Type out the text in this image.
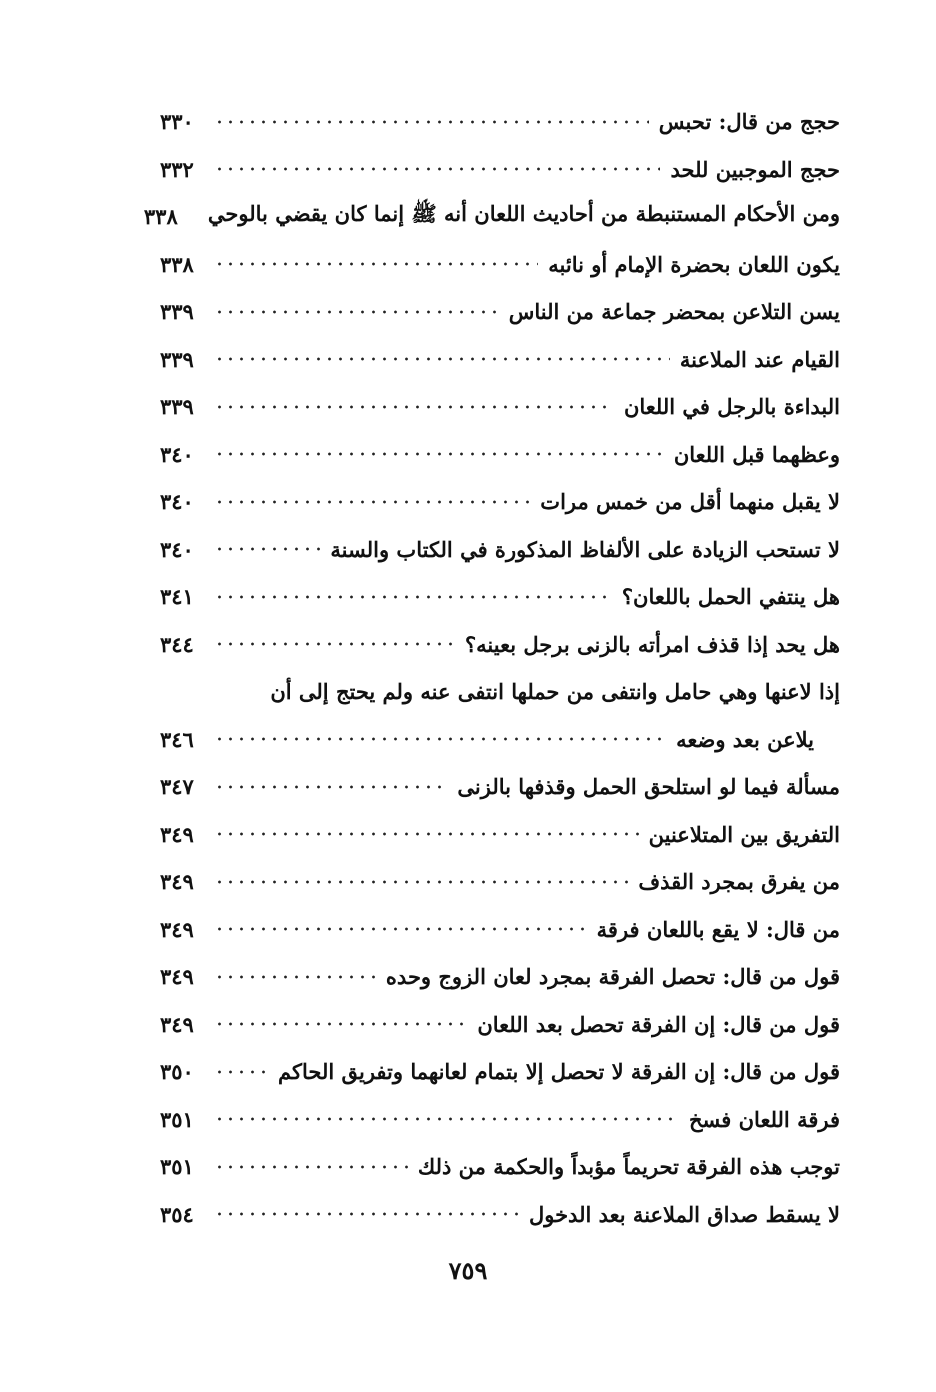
حجج من قال: تحبس
٣٣٠
حجج الموجبين للحد
٣٣٢
ومن الأحكام المستنبطة من أحاديث اللعان أنه ﷺ إنما كان يقضي بالوحي
٣٣٨
يكون اللعان بحضرة الإمام أو نائبه
٣٣٨
يسن التلاعن بمحضر جماعة من الناس
٣٣٩
القيام عند الملاعنة
٣٣٩
البداءة بالرجل في اللعان
٣٣٩
وعظهما قبل اللعان
٣٤٠
لا يقبل منهما أقل من خمس مرات
٣٤٠
لا تستحب الزيادة على الألفاظ المذكورة في الكتاب والسنة
٣٤٠
هل ينتفي الحمل باللعان؟
٣٤١
هل يحد إذا قذف امرأته بالزنى برجل بعينه؟
٣٤٤
إذا لاعنها وهي حامل وانتفى من حملها انتفى عنه ولم يحتج إلى أن
يلاعن بعد وضعه
٣٤٦
مسألة فيما لو استلحق الحمل وقذفها بالزنى
٣٤٧
التفريق بين المتلاعنين
٣٤٩
من يفرق بمجرد القذف
٣٤٩
من قال: لا يقع باللعان فرقة
٣٤٩
قول من قال: تحصل الفرقة بمجرد لعان الزوج وحده
٣٤٩
قول من قال: إن الفرقة تحصل بعد اللعان
٣٤٩
قول من قال: إن الفرقة لا تحصل إلا بتمام لعانهما وتفريق الحاكم
٣٥٠
فرقة اللعان فسخ
٣٥١
توجب هذه الفرقة تحريماً مؤبداً والحكمة من ذلك
٣٥١
لا يسقط صداق الملاعنة بعد الدخول
٣٥٤
٧٥٩
